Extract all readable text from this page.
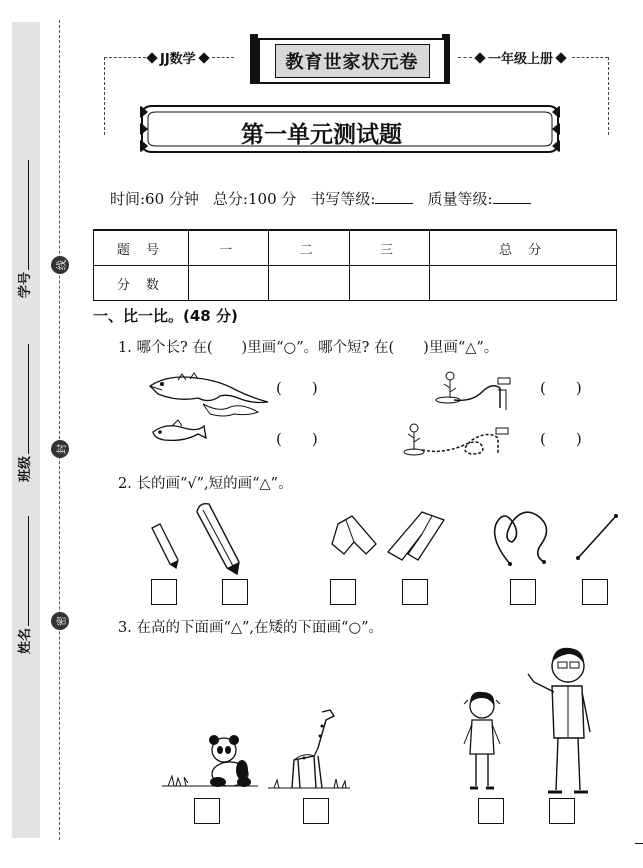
学号
班级
姓名
线
封
密
JJ数学	教育世家状元卷	一年级上册
第一单元测试题
时间:60 分钟 总分:100 分 书写等级:	质量等级:
题 号	一	二	三	总 分
分 数				
一、比一比。(48 分)
1. 哪个长? 在(　　)里画“○”。哪个短? 在(　　)里画“△”。
(　　)
(　　)
(　　)
(　　)
2. 长的画“√”,短的画“△”。
3. 在高的下面画“△”,在矮的下面画“○”。
